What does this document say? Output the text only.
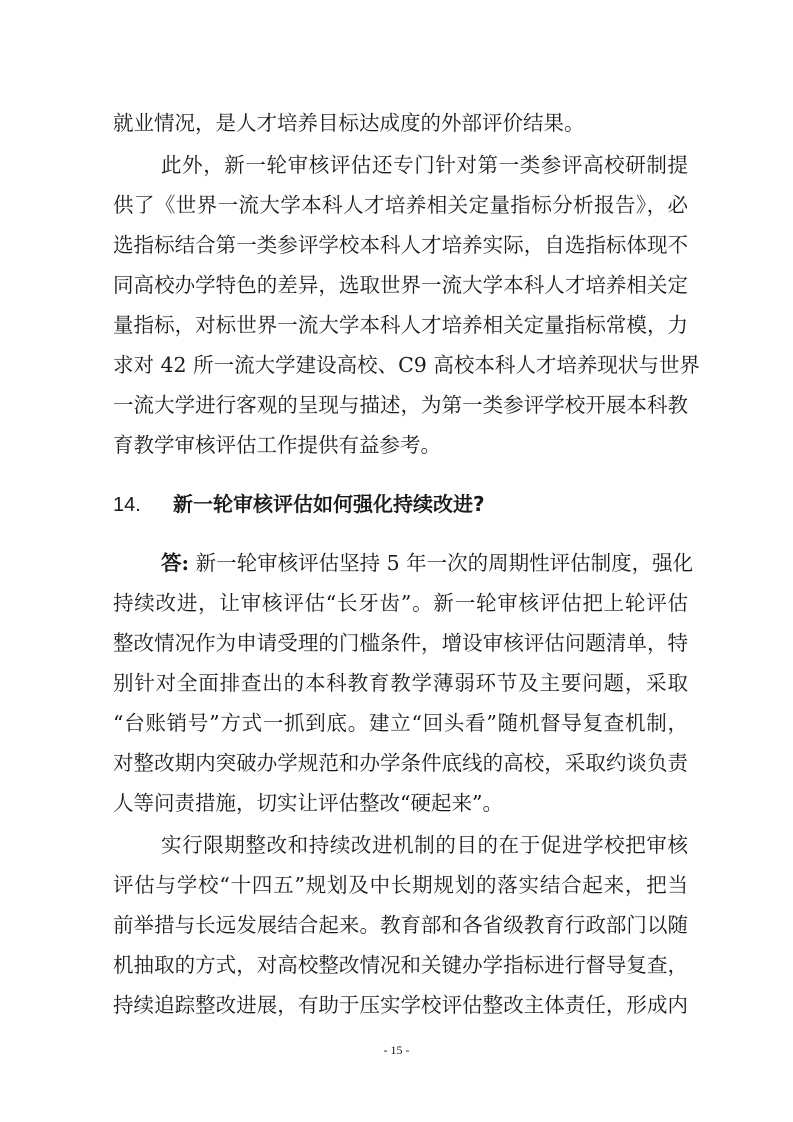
就业情况，是人才培养目标达成度的外部评价结果。
此外，新一轮审核评估还专门针对第一类参评高校研制提
供了《世界一流大学本科人才培养相关定量指标分析报告》，必
选指标结合第一类参评学校本科人才培养实际，自选指标体现不
同高校办学特色的差异，选取世界一流大学本科人才培养相关定
量指标，对标世界一流大学本科人才培养相关定量指标常模，力
求对 42 所一流大学建设高校、C9 高校本科人才培养现状与世界
一流大学进行客观的呈现与描述，为第一类参评学校开展本科教
育教学审核评估工作提供有益参考。
14. 新一轮审核评估如何强化持续改进?
答: 新一轮审核评估坚持 5 年一次的周期性评估制度，强化
持续改进，让审核评估“长牙齿”。新一轮审核评估把上轮评估
整改情况作为申请受理的门槛条件，增设审核评估问题清单，特
别针对全面排查出的本科教育教学薄弱环节及主要问题，采取
“台账销号”方式一抓到底。建立“回头看”随机督导复查机制，
对整改期内突破办学规范和办学条件底线的高校，采取约谈负责
人等问责措施，切实让评估整改“硬起来”。
实行限期整改和持续改进机制的目的在于促进学校把审核
评估与学校“十四五”规划及中长期规划的落实结合起来，把当
前举措与长远发展结合起来。教育部和各省级教育行政部门以随
机抽取的方式，对高校整改情况和关键办学指标进行督导复查，
持续追踪整改进展，有助于压实学校评估整改主体责任，形成内
- 15 -
